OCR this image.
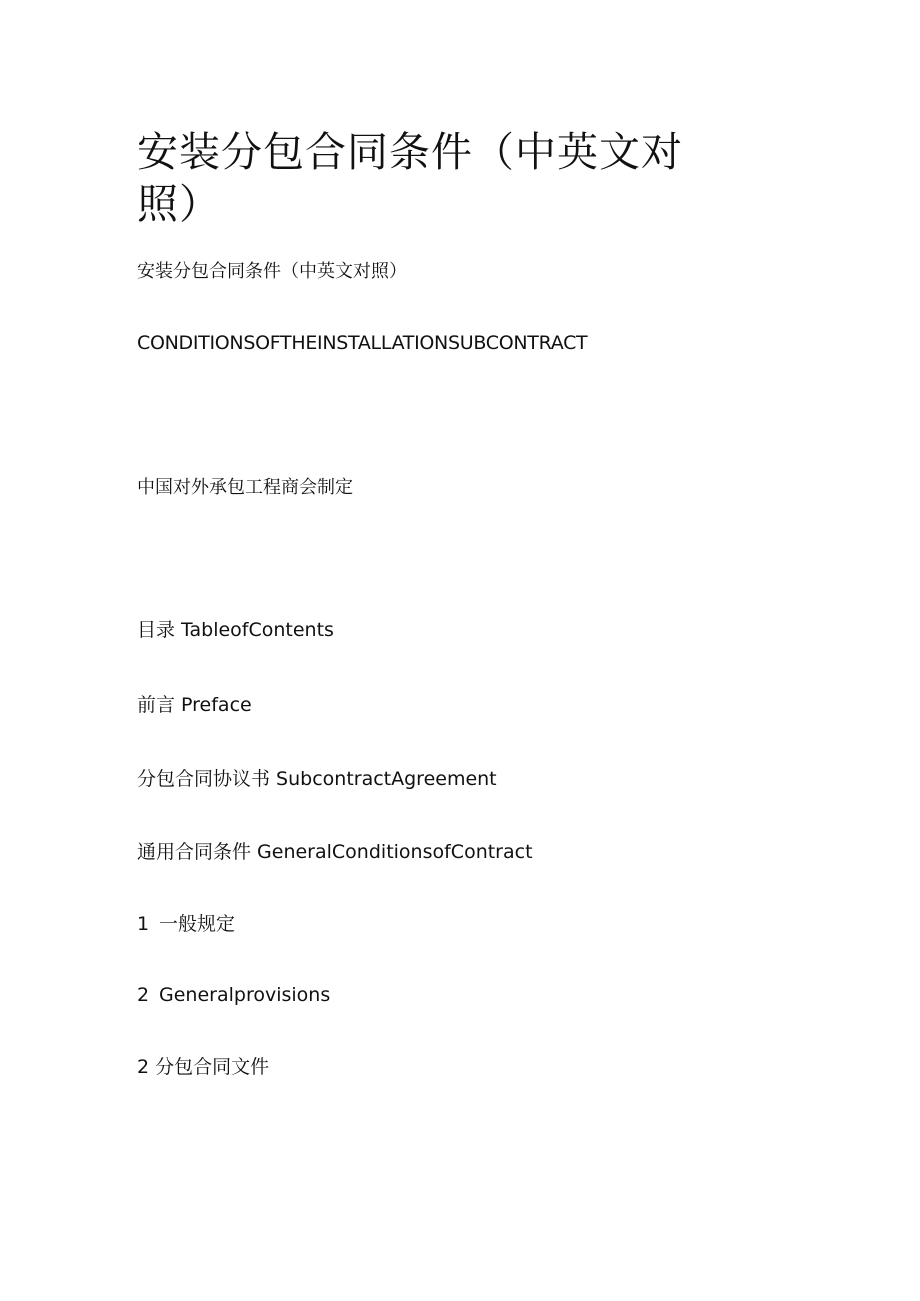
安装分包合同条件（中英文对照）

安装分包合同条件（中英文对照）

CONDITIONSOFTHEINSTALLATIONSUBCONTRACT

中国对外承包工程商会制定

目录 TableofContents

前言 Preface

分包合同协议书 SubcontractAgreement

通用合同条件 GeneralConditionsofContract

1 一般规定

2 Generalprovisions

2 分包合同文件
